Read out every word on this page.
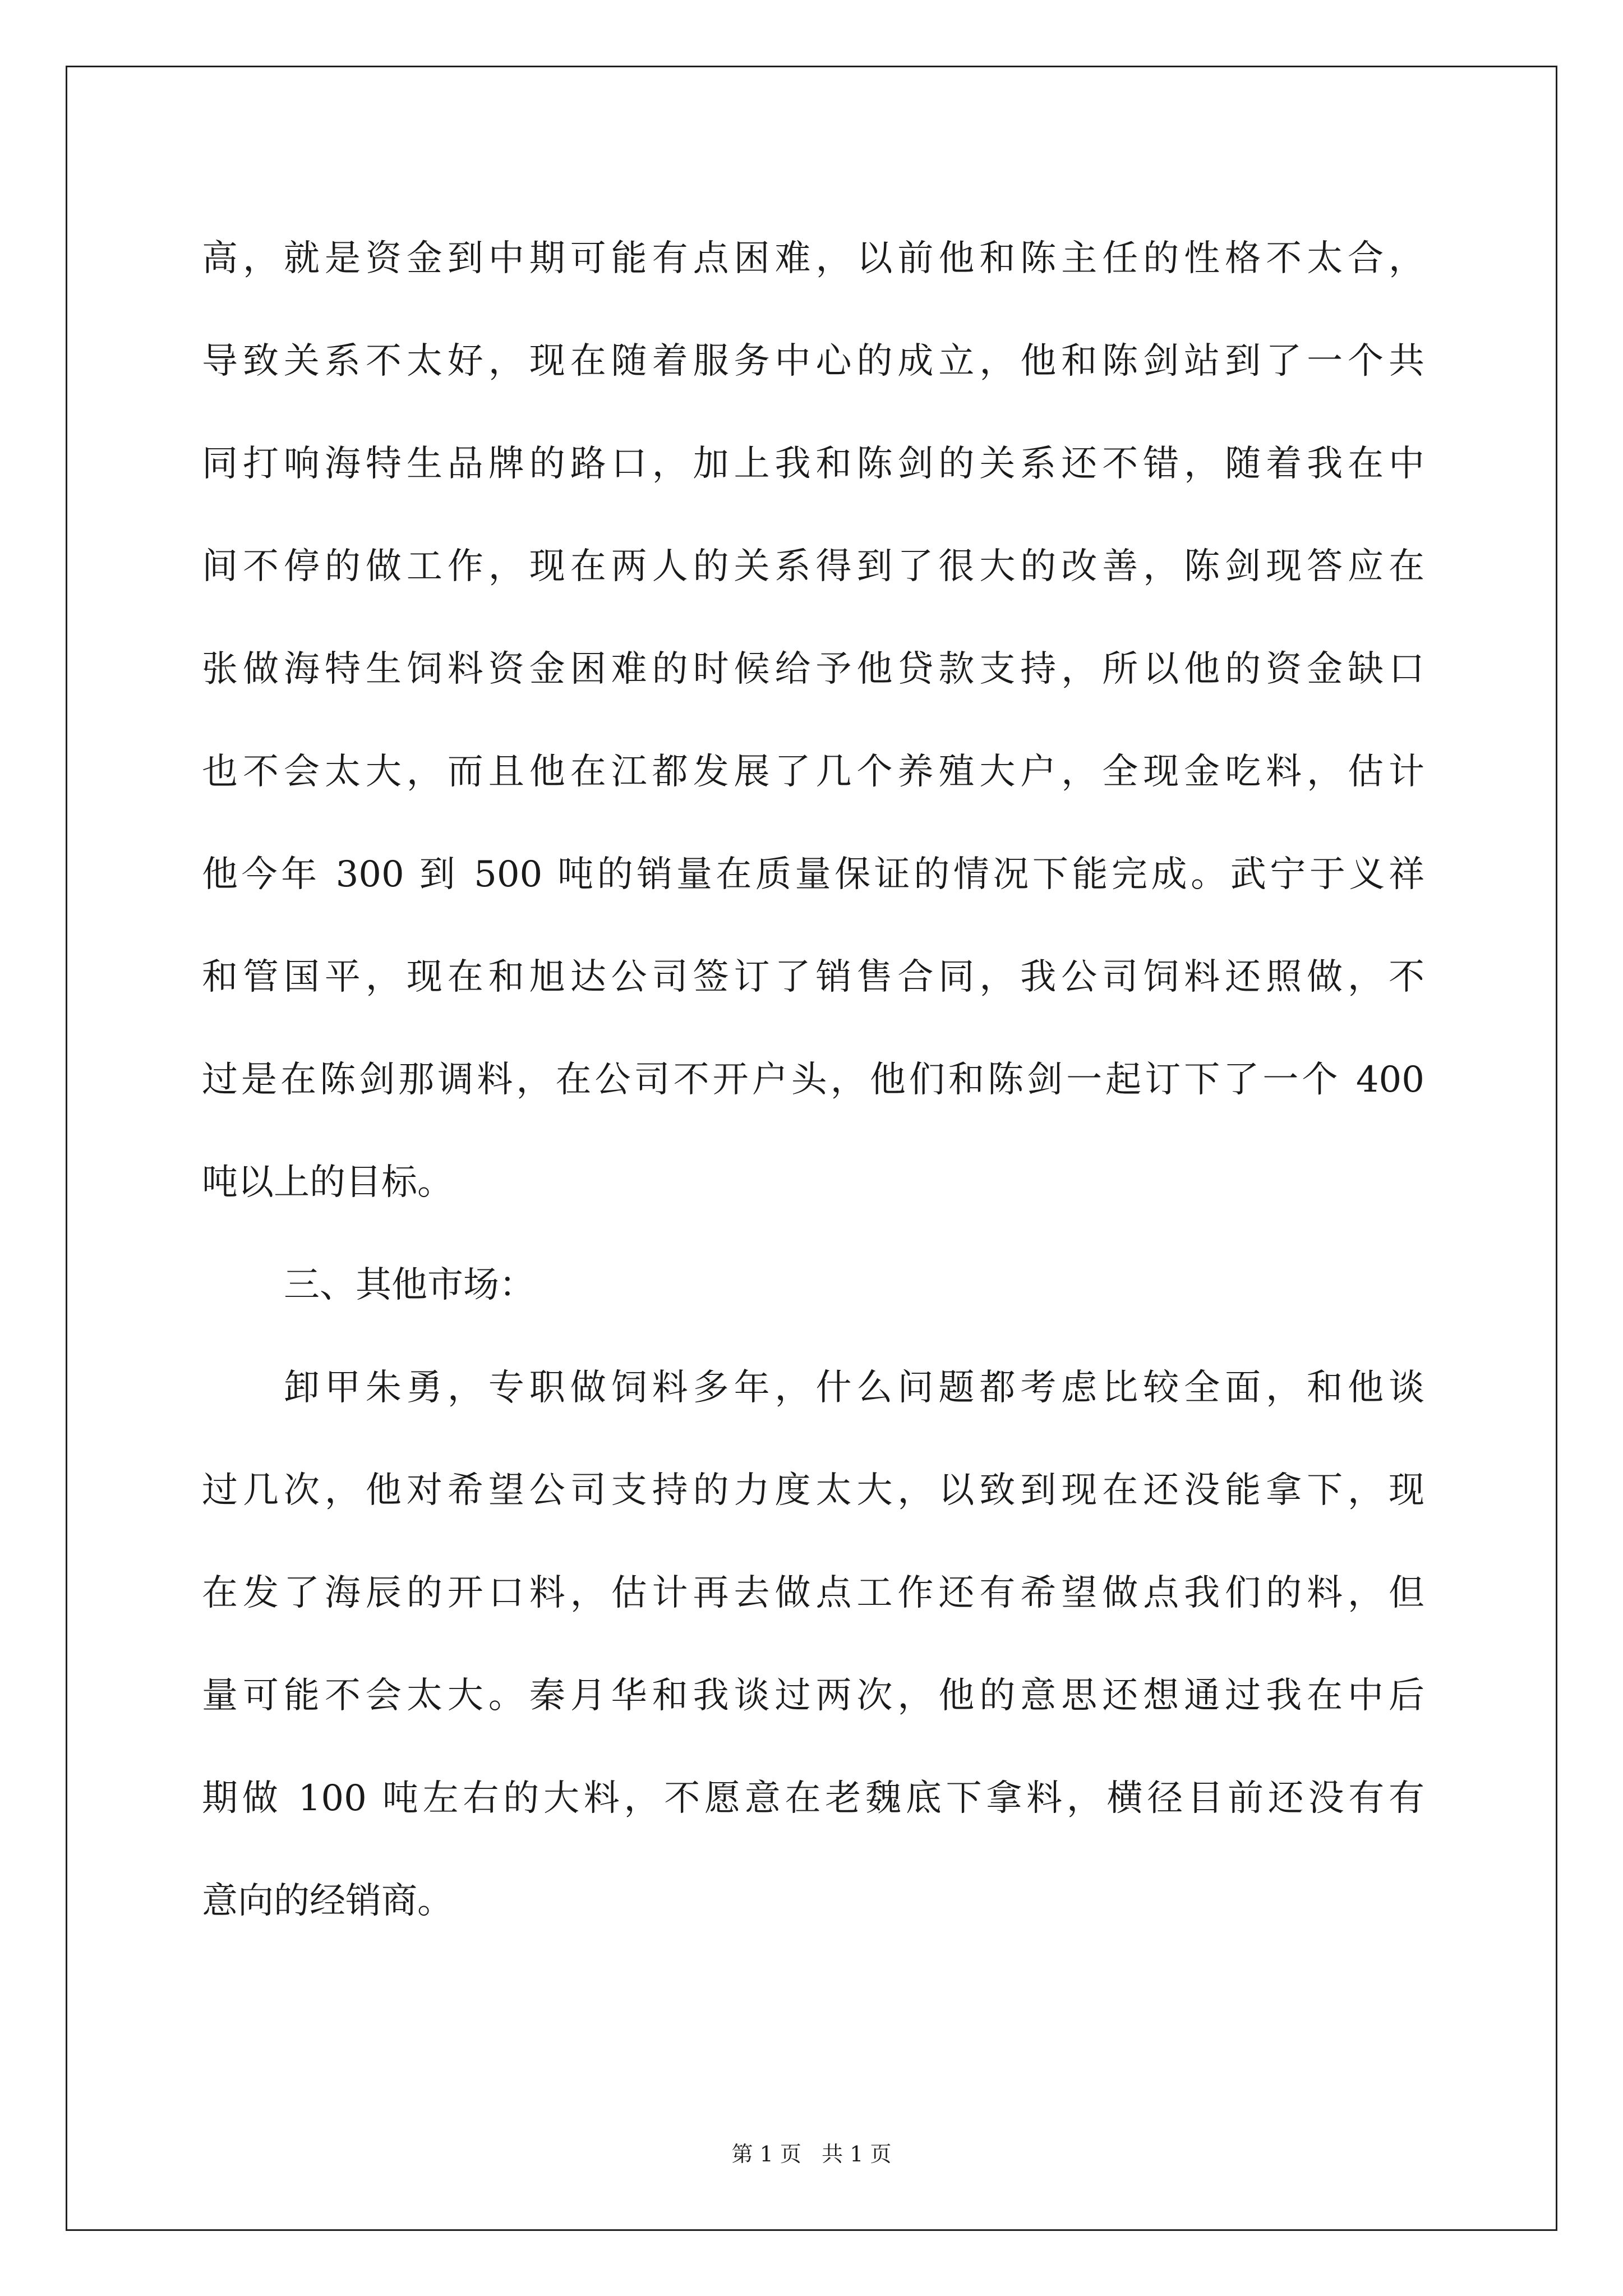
高，就是资金到中期可能有点困难，以前他和陈主任的性格不太合，
导致关系不太好，现在随着服务中心的成立，他和陈剑站到了一个共
同打响海特生品牌的路口，加上我和陈剑的关系还不错，随着我在中
间不停的做工作，现在两人的关系得到了很大的改善，陈剑现答应在
张做海特生饲料资金困难的时候给予他贷款支持，所以他的资金缺口
也不会太大，而且他在江都发展了几个养殖大户，全现金吃料，估计
他今年 300 到 500 吨的销量在质量保证的情况下能完成。武宁于义祥
和管国平，现在和旭达公司签订了销售合同，我公司饲料还照做，不
过是在陈剑那调料，在公司不开户头，他们和陈剑一起订下了一个 400
吨以上的目标。
三、其他市场：
卸甲朱勇，专职做饲料多年，什么问题都考虑比较全面，和他谈
过几次，他对希望公司支持的力度太大，以致到现在还没能拿下，现
在发了海辰的开口料，估计再去做点工作还有希望做点我们的料，但
量可能不会太大。秦月华和我谈过两次，他的意思还想通过我在中后
期做 100 吨左右的大料，不愿意在老魏底下拿料，横径目前还没有有
意向的经销商。
第 1 页 共 1 页
